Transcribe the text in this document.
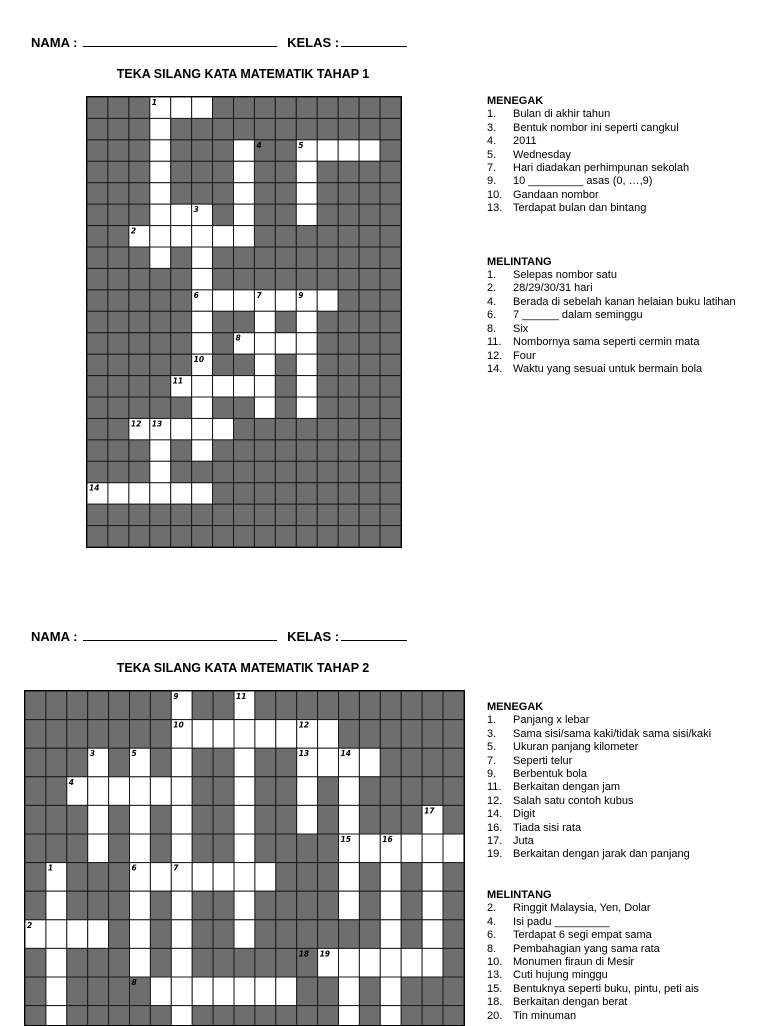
NAMA :	KELAS :
TEKA SILANG KATA MATEMATIK TAHAP 1
1
4	5
3
2
6	7	9
8
10
11
12 13
14
MENEGAK
1.	Bulan di akhir tahun
3.	Bentuk nombor ini seperti cangkul
4.	2011
5.	Wednesday
7.	Hari diadakan perhimpunan sekolah
9.	10 _________ asas (0, …,9)
10. Gandaan nombor
13. Terdapat bulan dan bintang
MELINTANG
1.	Selepas nombor satu
2.	28/29/30/31 hari
4.	Berada di sebelah kanan helaian buku latihan
6.	7 ______ dalam seminggu
8.	Six
11.	Nombornya sama seperti cermin mata
12. Four
14. Waktu yang sesuai untuk bermain bola
NAMA :	KELAS :
TEKA SILANG KATA MATEMATIK TAHAP 2
9	11
10	12
3	5	13	14
4
17
15	16
1	6	7
2
18 19
8
MENEGAK
1.	Panjang x lebar
3.	Sama sisi/sama kaki/tidak sama sisi/kaki
5.	Ukuran panjang kilometer
7.	Seperti telur
9.	Berbentuk bola
11.	Berkaitan dengan jam
12. Salah satu contoh kubus
14. Digit
16. Tiada sisi rata
17. Juta
19. Berkaitan dengan jarak dan panjang
MELINTANG
2.	Ringgit Malaysia, Yen, Dolar
4.	Isi padu _________
6.	Terdapat 6 segi empat sama
8.	Pembahagian yang sama rata
10. Monumen firaun di Mesir
13. Cuti hujung minggu
15. Bentuknya seperti buku, pintu, peti ais
18. Berkaitan dengan berat
20. Tin minuman
